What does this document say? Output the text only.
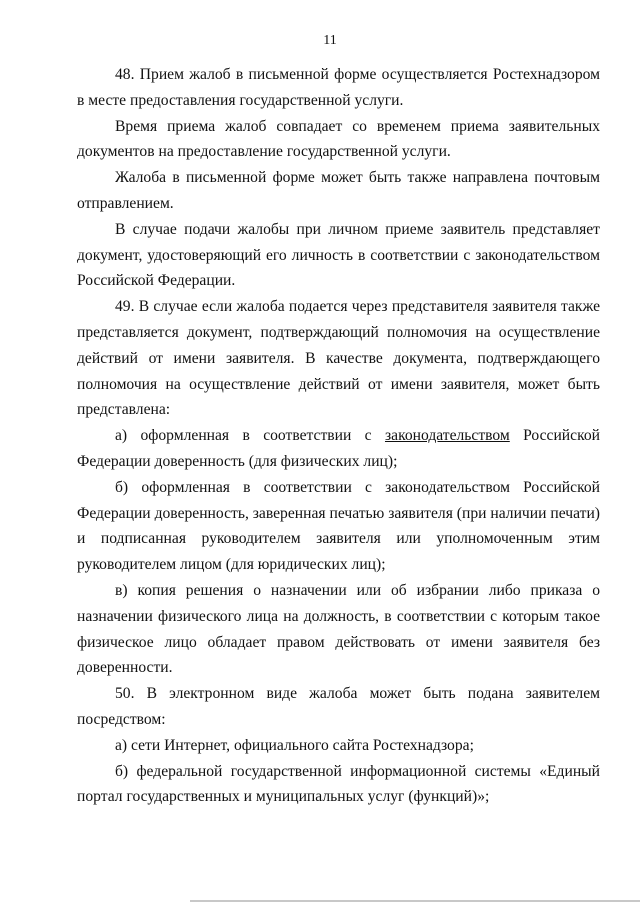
11

48. Прием жалоб в письменной форме осуществляется Ростехнадзором в месте предоставления государственной услуги.

Время приема жалоб совпадает со временем приема заявительных документов на предоставление государственной услуги.

Жалоба в письменной форме может быть также направлена почтовым отправлением.

В случае подачи жалобы при личном приеме заявитель представляет документ, удостоверяющий его личность в соответствии с законодательством Российской Федерации.

49. В случае если жалоба подается через представителя заявителя также представляется документ, подтверждающий полномочия на осуществление действий от имени заявителя. В качестве документа, подтверждающего полномочия на осуществление действий от имени заявителя, может быть представлена:

а) оформленная в соответствии с законодательством Российской Федерации доверенность (для физических лиц);

б) оформленная в соответствии с законодательством Российской Федерации доверенность, заверенная печатью заявителя (при наличии печати) и подписанная руководителем заявителя или уполномоченным этим руководителем лицом (для юридических лиц);

в) копия решения о назначении или об избрании либо приказа о назначении физического лица на должность, в соответствии с которым такое физическое лицо обладает правом действовать от имени заявителя без доверенности.

50. В электронном виде жалоба может быть подана заявителем посредством:

а) сети Интернет, официального сайта Ростехнадзора;

б) федеральной государственной информационной системы «Единый портал государственных и муниципальных услуг (функций)»;
